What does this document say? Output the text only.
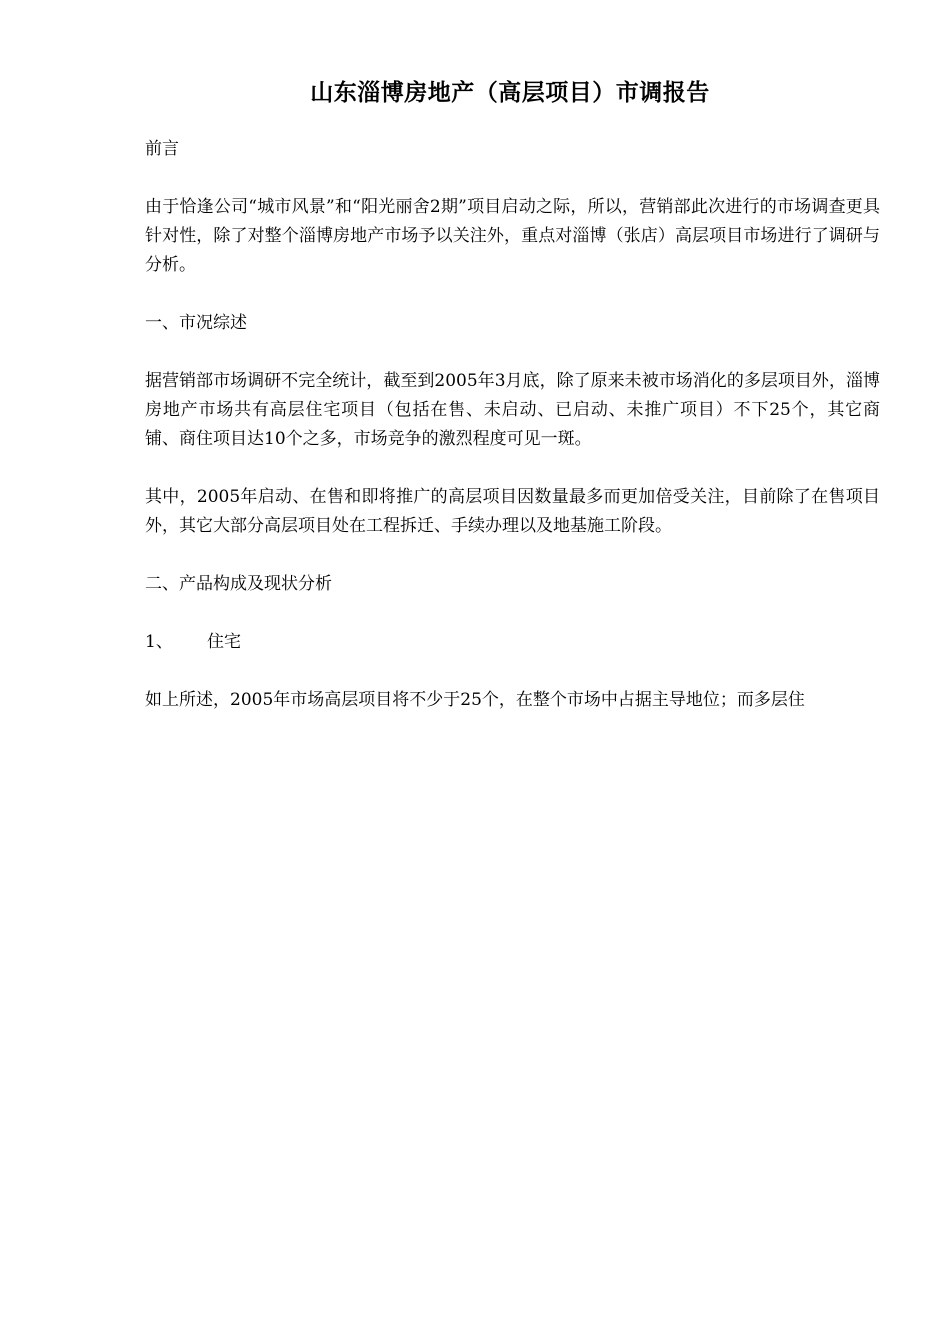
山东淄博房地产（高层项目）市调报告

前言

由于恰逢公司“城市风景”和“阳光丽舍2期”项目启动之际，所以，营销部此次进行的市场调查更具针对性，除了对整个淄博房地产市场予以关注外，重点对淄博（张店）高层项目市场进行了调研与分析。

一、市况综述

据营销部市场调研不完全统计，截至到2005年3月底，除了原来未被市场消化的多层项目外，淄博房地产市场共有高层住宅项目（包括在售、未启动、已启动、未推广项目）不下25个，其它商铺、商住项目达10个之多，市场竞争的激烈程度可见一斑。

其中，2005年启动、在售和即将推广的高层项目因数量最多而更加倍受关注，目前除了在售项目外，其它大部分高层项目处在工程拆迁、手续办理以及地基施工阶段。

二、产品构成及现状分析

1、 住宅

如上所述，2005年市场高层项目将不少于25个，在整个市场中占据主导地位；而多层住
